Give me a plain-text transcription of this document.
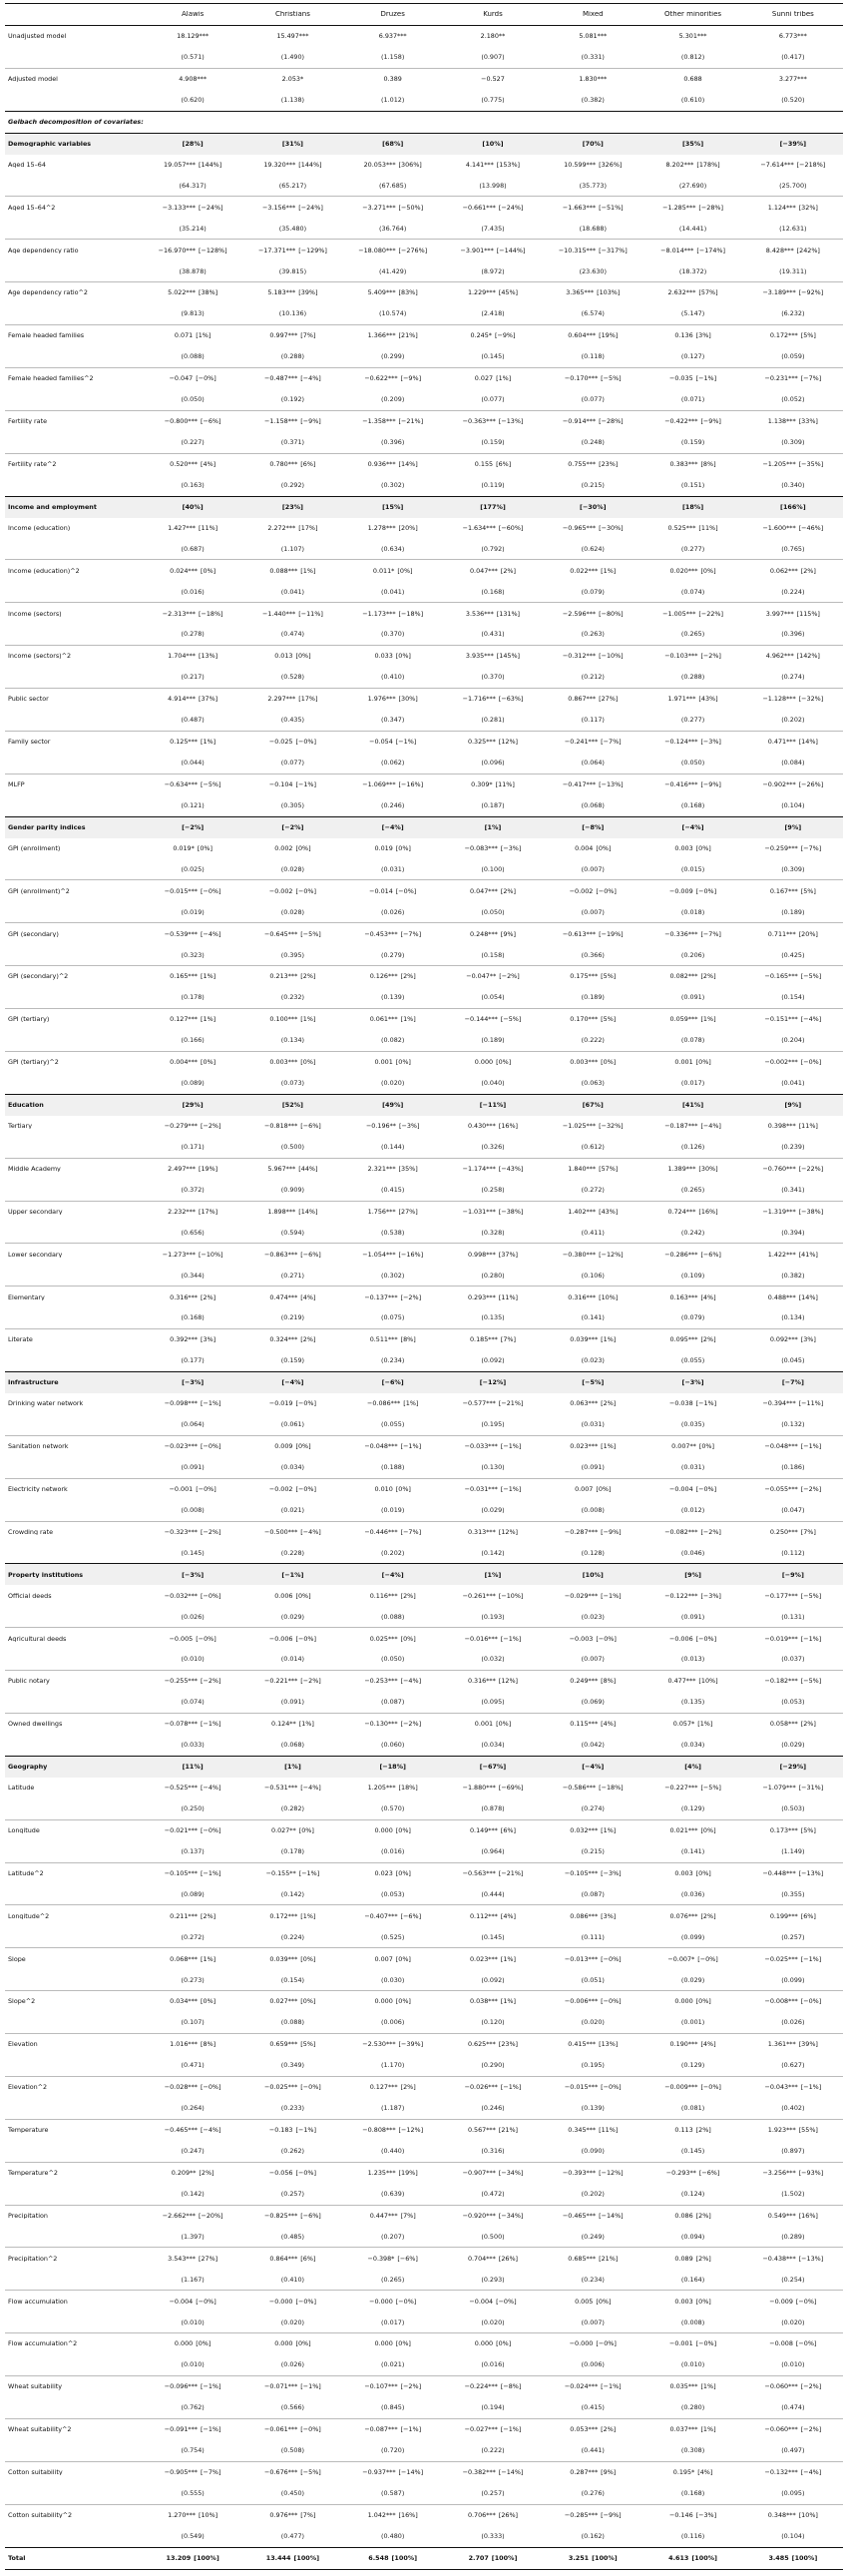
Alawis	Christians	Druzes	Kurds	Mixed	Other minorities	Sunni tribes
Unadjusted model	18.129***	15.497***	6.937***	2.180**	5.081***	5.301***	6.773***
(0.571)	(1.490)	(1.158)	(0.907)	(0.331)	(0.812)	(0.417)
Adjusted model	4.908***	2.053*	0.389	−0.527	1.830***	0.688	3.277***
(0.620)	(1.138)	(1.012)	(0.775)	(0.382)	(0.610)	(0.520)
Gelbach decomposition of covariates:
Demographic variables	[28%]	[31%]	[68%]	[10%]	[70%]	[35%]	[−39%]
Aged 15–64	19.057*** [144%]	19.320*** [144%]	20.053*** [306%]	4.141*** [153%]	10.599*** [326%]	8.202*** [178%]	−7.614*** [−218%]
(64.317)	(65.217)	(67.685)	(13.998)	(35.773)	(27.690)	(25.700)
Aged 15–64^2	−3.133*** [−24%]	−3.156*** [−24%]	−3.271*** [−50%]	−0.661*** [−24%]	−1.663*** [−51%]	−1.285*** [−28%]	1.124*** [32%]
(35.214)	(35.480)	(36.764)	(7.435)	(18.688)	(14.441)	(12.631)
Age dependency ratio	−16.970*** [−128%]	−17.371*** [−129%]	−18.080*** [−276%]	−3.901*** [−144%]	−10.315*** [−317%]	−8.014*** [−174%]	8.428*** [242%]
(38.878)	(39.815)	(41.429)	(8.972)	(23.630)	(18.372)	(19.311)
Age dependency ratio^2	5.022*** [38%]	5.183*** [39%]	5.409*** [83%]	1.229*** [45%]	3.365*** [103%]	2.632*** [57%]	−3.189*** [−92%]
(9.813)	(10.136)	(10.574)	(2.418)	(6.574)	(5.147)	(6.232)
Female headed families	0.071 [1%]	0.997*** [7%]	1.366*** [21%]	0.245* [−9%]	0.604*** [19%]	0.136 [3%]	0.172*** [5%]
(0.088)	(0.288)	(0.299)	(0.145)	(0.118)	(0.127)	(0.059)
Female headed families^2	−0.047 [−0%]	−0.487*** [−4%]	−0.622*** [−9%]	0.027 [1%]	−0.170*** [−5%]	−0.035 [−1%]	−0.231*** [−7%]
(0.050)	(0.192)	(0.209)	(0.077)	(0.077)	(0.071)	(0.052)
Fertility rate	−0.800*** [−6%]	−1.158*** [−9%]	−1.358*** [−21%]	−0.363*** [−13%]	−0.914*** [−28%]	−0.422*** [−9%]	1.138*** [33%]
(0.227)	(0.371)	(0.396)	(0.159)	(0.248)	(0.159)	(0.309)
Fertility rate^2	0.520*** [4%]	0.780*** [6%]	0.936*** [14%]	0.155 [6%]	0.755*** [23%]	0.383*** [8%]	−1.205*** [−35%]
(0.163)	(0.292)	(0.302)	(0.119)	(0.215)	(0.151)	(0.340)
Income and employment	[40%]	[23%]	[15%]	[177%]	[−30%]	[18%]	[166%]
Income (education)	1.427*** [11%]	2.272*** [17%]	1.278*** [20%]	−1.634*** [−60%]	−0.965*** [−30%]	0.525*** [11%]	−1.600*** [−46%]
(0.687)	(1.107)	(0.634)	(0.792)	(0.624)	(0.277)	(0.765)
Income (education)^2	0.024*** [0%]	0.088*** [1%]	0.011* [0%]	0.047*** [2%]	0.022*** [1%]	0.020*** [0%]	0.062*** [2%]
(0.016)	(0.041)	(0.041)	(0.168)	(0.079)	(0.074)	(0.224)
Income (sectors)	−2.313*** [−18%]	−1.440*** [−11%]	−1.173*** [−18%]	3.536*** [131%]	−2.596*** [−80%]	−1.005*** [−22%]	3.997*** [115%]
(0.278)	(0.474)	(0.370)	(0.431)	(0.263)	(0.265)	(0.396)
Income (sectors)^2	1.704*** [13%]	0.013 [0%]	0.033 [0%]	3.935*** [145%]	−0.312*** [−10%]	−0.103*** [−2%]	4.962*** [142%]
(0.217)	(0.528)	(0.410)	(0.370)	(0.212)	(0.288)	(0.274)
Public sector	4.914*** [37%]	2.297*** [17%]	1.976*** [30%]	−1.716*** [−63%]	0.867*** [27%]	1.971*** [43%]	−1.128*** [−32%]
(0.487)	(0.435)	(0.347)	(0.281)	(0.117)	(0.277)	(0.202)
Family sector	0.125*** [1%]	−0.025 [−0%]	−0.054 [−1%]	0.325*** [12%]	−0.241*** [−7%]	−0.124*** [−3%]	0.471*** [14%]
(0.044)	(0.077)	(0.062)	(0.096)	(0.064)	(0.050)	(0.084)
MLFP	−0.634*** [−5%]	−0.104 [−1%]	−1.069*** [−16%]	0.309* [11%]	−0.417*** [−13%]	−0.416*** [−9%]	−0.902*** [−26%]
(0.121)	(0.305)	(0.246)	(0.187)	(0.068)	(0.168)	(0.104)
Gender parity indices	[−2%]	[−2%]	[−4%]	[1%]	[−8%]	[−4%]	[9%]
GPI (enrollment)	0.019* [0%]	0.002 [0%]	0.019 [0%]	−0.083*** [−3%]	0.004 [0%]	0.003 [0%]	−0.259*** [−7%]
(0.025)	(0.028)	(0.031)	(0.100)	(0.007)	(0.015)	(0.309)
GPI (enrollment)^2	−0.015*** [−0%]	−0.002 [−0%]	−0.014 [−0%]	0.047*** [2%]	−0.002 [−0%]	−0.009 [−0%]	0.167*** [5%]
(0.019)	(0.028)	(0.026)	(0.050)	(0.007)	(0.018)	(0.189)
GPI (secondary)	−0.539*** [−4%]	−0.645*** [−5%]	−0.453*** [−7%]	0.248*** [9%]	−0.613*** [−19%]	−0.336*** [−7%]	0.711*** [20%]
(0.323)	(0.395)	(0.279)	(0.158)	(0.366)	(0.206)	(0.425)
GPI (secondary)^2	0.165*** [1%]	0.213*** [2%]	0.126*** [2%]	−0.047** [−2%]	0.175*** [5%]	0.082*** [2%]	−0.165*** [−5%]
(0.178)	(0.232)	(0.139)	(0.054)	(0.189)	(0.091)	(0.154)
GPI (tertiary)	0.127*** [1%]	0.100*** [1%]	0.061*** [1%]	−0.144*** [−5%]	0.170*** [5%]	0.059*** [1%]	−0.151*** [−4%]
(0.166)	(0.134)	(0.082)	(0.189)	(0.222)	(0.078)	(0.204)
GPI (tertiary)^2	0.004*** [0%]	0.003*** [0%]	0.001 [0%]	0.000 [0%]	0.003*** [0%]	0.001 [0%]	−0.002*** [−0%]
(0.089)	(0.073)	(0.020)	(0.040)	(0.063)	(0.017)	(0.041)
Education	[29%]	[52%]	[49%]	[−11%]	[67%]	[41%]	[9%]
Tertiary	−0.279*** [−2%]	−0.818*** [−6%]	−0.196** [−3%]	0.430*** [16%]	−1.025*** [−32%]	−0.187*** [−4%]	0.398*** [11%]
(0.171)	(0.500)	(0.144)	(0.326)	(0.612)	(0.126)	(0.239)
Middle Academy	2.497*** [19%]	5.967*** [44%]	2.321*** [35%]	−1.174*** [−43%]	1.840*** [57%]	1.389*** [30%]	−0.760*** [−22%]
(0.372)	(0.909)	(0.415)	(0.258)	(0.272)	(0.265)	(0.341)
Upper secondary	2.232*** [17%]	1.898*** [14%]	1.756*** [27%]	−1.031*** [−38%]	1.402*** [43%]	0.724*** [16%]	−1.319*** [−38%]
(0.656)	(0.594)	(0.538)	(0.328)	(0.411)	(0.242)	(0.394)
Lower secondary	−1.273*** [−10%]	−0.863*** [−6%]	−1.054*** [−16%]	0.998*** [37%]	−0.380*** [−12%]	−0.286*** [−6%]	1.422*** [41%]
(0.344)	(0.271)	(0.302)	(0.280)	(0.106)	(0.109)	(0.382)
Elementary	0.316*** [2%]	0.474*** [4%]	−0.137*** [−2%]	0.293*** [11%]	0.316*** [10%]	0.163*** [4%]	0.488*** [14%]
(0.168)	(0.219)	(0.075)	(0.135)	(0.141)	(0.079)	(0.134)
Literate	0.392*** [3%]	0.324*** [2%]	0.511*** [8%]	0.185*** [7%]	0.039*** [1%]	0.095*** [2%]	0.092*** [3%]
(0.177)	(0.159)	(0.234)	(0.092)	(0.023)	(0.055)	(0.045)
Infrastructure	[−3%]	[−4%]	[−6%]	[−12%]	[−5%]	[−3%]	[−7%]
Drinking water network	−0.098*** [−1%]	−0.019 [−0%]	−0.086*** [1%]	−0.577*** [−21%]	0.063*** [2%]	−0.038 [−1%]	−0.394*** [−11%]
(0.064)	(0.061)	(0.055)	(0.195)	(0.031)	(0.035)	(0.132)
Sanitation network	−0.023*** [−0%]	0.009 [0%]	−0.048*** [−1%]	−0.033*** [−1%]	0.023*** [1%]	0.007** [0%]	−0.048*** [−1%]
(0.091)	(0.034)	(0.188)	(0.130)	(0.091)	(0.031)	(0.186)
Electricity network	−0.001 [−0%]	−0.002 [−0%]	0.010 [0%]	−0.031*** [−1%]	0.007 [0%]	−0.004 [−0%]	−0.055*** [−2%]
(0.008)	(0.021)	(0.019)	(0.029)	(0.008)	(0.012)	(0.047)
Crowding rate	−0.323*** [−2%]	−0.500*** [−4%]	−0.446*** [−7%]	0.313*** [12%]	−0.287*** [−9%]	−0.082*** [−2%]	0.250*** [7%]
(0.145)	(0.228)	(0.202)	(0.142)	(0.128)	(0.046)	(0.112)
Property institutions	[−3%]	[−1%]	[−4%]	[1%]	[10%]	[9%]	[−9%]
Official deeds	−0.032*** [−0%]	0.006 [0%]	0.116*** [2%]	−0.261*** [−10%]	−0.029*** [−1%]	−0.122*** [−3%]	−0.177*** [−5%]
(0.026)	(0.029)	(0.088)	(0.193)	(0.023)	(0.091)	(0.131)
Agricultural deeds	−0.005 [−0%]	−0.006 [−0%]	0.025*** [0%]	−0.016*** [−1%]	−0.003 [−0%]	−0.006 [−0%]	−0.019*** [−1%]
(0.010)	(0.014)	(0.050)	(0.032)	(0.007)	(0.013)	(0.037)
Public notary	−0.255*** [−2%]	−0.221*** [−2%]	−0.253*** [−4%]	0.316*** [12%]	0.249*** [8%]	0.477*** [10%]	−0.182*** [−5%]
(0.074)	(0.091)	(0.087)	(0.095)	(0.069)	(0.135)	(0.053)
Owned dwellings	−0.078*** [−1%]	0.124** [1%]	−0.130*** [−2%]	0.001 [0%]	0.115*** [4%]	0.057* [1%]	0.058*** [2%]
(0.033)	(0.068)	(0.060)	(0.034)	(0.042)	(0.034)	(0.029)
Geography	[11%]	[1%]	[−18%]	[−67%]	[−4%]	[4%]	[−29%]
Latitude	−0.525*** [−4%]	−0.531*** [−4%]	1.205*** [18%]	−1.880*** [−69%]	−0.586*** [−18%]	−0.227*** [−5%]	−1.079*** [−31%]
(0.250)	(0.282)	(0.570)	(0.878)	(0.274)	(0.129)	(0.503)
Longitude	−0.021*** [−0%]	0.027** [0%]	0.000 [0%]	0.149*** [6%]	0.032*** [1%]	0.021*** [0%]	0.173*** [5%]
(0.137)	(0.178)	(0.016)	(0.964)	(0.215)	(0.141)	(1.149)
Latitude^2	−0.105*** [−1%]	−0.155** [−1%]	0.023 [0%]	−0.563*** [−21%]	−0.105*** [−3%]	0.003 [0%]	−0.448*** [−13%]
(0.089)	(0.142)	(0.053)	(0.444)	(0.087)	(0.036)	(0.355)
Longitude^2	0.211*** [2%]	0.172*** [1%]	−0.407*** [−6%]	0.112*** [4%]	0.086*** [3%]	0.076*** [2%]	0.199*** [6%]
(0.272)	(0.224)	(0.525)	(0.145)	(0.111)	(0.099)	(0.257)
Slope	0.068*** [1%]	0.039*** [0%]	0.007 [0%]	0.023*** [1%]	−0.013*** [−0%]	−0.007* [−0%]	−0.025*** [−1%]
(0.273)	(0.154)	(0.030)	(0.092)	(0.051)	(0.029)	(0.099)
Slope^2	0.034*** [0%]	0.027*** [0%]	0.000 [0%]	0.038*** [1%]	−0.006*** [−0%]	0.000 [0%]	−0.008*** [−0%]
(0.107)	(0.088)	(0.006)	(0.120)	(0.020)	(0.001)	(0.026)
Elevation	1.016*** [8%]	0.659*** [5%]	−2.530*** [−39%]	0.625*** [23%]	0.415*** [13%]	0.190*** [4%]	1.361*** [39%]
(0.471)	(0.349)	(1.170)	(0.290)	(0.195)	(0.129)	(0.627)
Elevation^2	−0.028*** [−0%]	−0.025*** [−0%]	0.127*** [2%]	−0.026*** [−1%]	−0.015*** [−0%]	−0.009*** [−0%]	−0.043*** [−1%]
(0.264)	(0.233)	(1.187)	(0.246)	(0.139)	(0.081)	(0.402)
Temperature	−0.465*** [−4%]	−0.183 [−1%]	−0.808*** [−12%]	0.567*** [21%]	0.345*** [11%]	0.113 [2%]	1.923*** [55%]
(0.247)	(0.262)	(0.440)	(0.316)	(0.090)	(0.145)	(0.897)
Temperature^2	0.209** [2%]	−0.056 [−0%]	1.235*** [19%]	−0.907*** [−34%]	−0.393*** [−12%]	−0.293** [−6%]	−3.256*** [−93%]
(0.142)	(0.257)	(0.639)	(0.472)	(0.202)	(0.124)	(1.502)
Precipitation	−2.662*** [−20%]	−0.825*** [−6%]	0.447*** [7%]	−0.920*** [−34%]	−0.465*** [−14%]	0.086 [2%]	0.549*** [16%]
(1.397)	(0.485)	(0.207)	(0.500)	(0.249)	(0.094)	(0.289)
Precipitation^2	3.543*** [27%]	0.864*** [6%]	−0.398* [−6%]	0.704*** [26%]	0.685*** [21%]	0.089 [2%]	−0.438*** [−13%]
(1.167)	(0.410)	(0.265)	(0.293)	(0.234)	(0.164)	(0.254)
Flow accumulation	−0.004 [−0%]	−0.000 [−0%]	−0.000 [−0%]	−0.004 [−0%]	0.005 [0%]	0.003 [0%]	−0.009 [−0%]
(0.010)	(0.020)	(0.017)	(0.020)	(0.007)	(0.008)	(0.020)
Flow accumulation^2	0.000 [0%]	0.000 [0%]	0.000 [0%]	0.000 [0%]	−0.000 [−0%]	−0.001 [−0%]	−0.008 [−0%]
(0.010)	(0.026)	(0.021)	(0.016)	(0.006)	(0.010)	(0.010)
Wheat suitability	−0.096*** [−1%]	−0.071*** [−1%]	−0.107*** [−2%]	−0.224*** [−8%]	−0.024*** [−1%]	0.035*** [1%]	−0.060*** [−2%]
(0.762)	(0.566)	(0.845)	(0.194)	(0.415)	(0.280)	(0.474)
Wheat suitability^2	−0.091*** [−1%]	−0.061*** [−0%]	−0.087*** [−1%]	−0.027*** [−1%]	0.053*** [2%]	0.037*** [1%]	−0.060*** [−2%]
(0.754)	(0.508)	(0.720)	(0.222)	(0.441)	(0.308)	(0.497)
Cotton suitability	−0.905*** [−7%]	−0.676*** [−5%]	−0.937*** [−14%]	−0.382*** [−14%]	0.287*** [9%]	0.195* [4%]	−0.132*** [−4%]
(0.555)	(0.450)	(0.587)	(0.257)	(0.276)	(0.168)	(0.095)
Cotton suitability^2	1.270*** [10%]	0.976*** [7%]	1.042*** [16%]	0.706*** [26%]	−0.285*** [−9%]	−0.146 [−3%]	0.348*** [10%]
(0.549)	(0.477)	(0.480)	(0.333)	(0.162)	(0.116)	(0.104)
Total	13.209 [100%]	13.444 [100%]	6.548 [100%]	2.707 [100%]	3.251 [100%]	4.613 [100%]	3.485 [100%]
